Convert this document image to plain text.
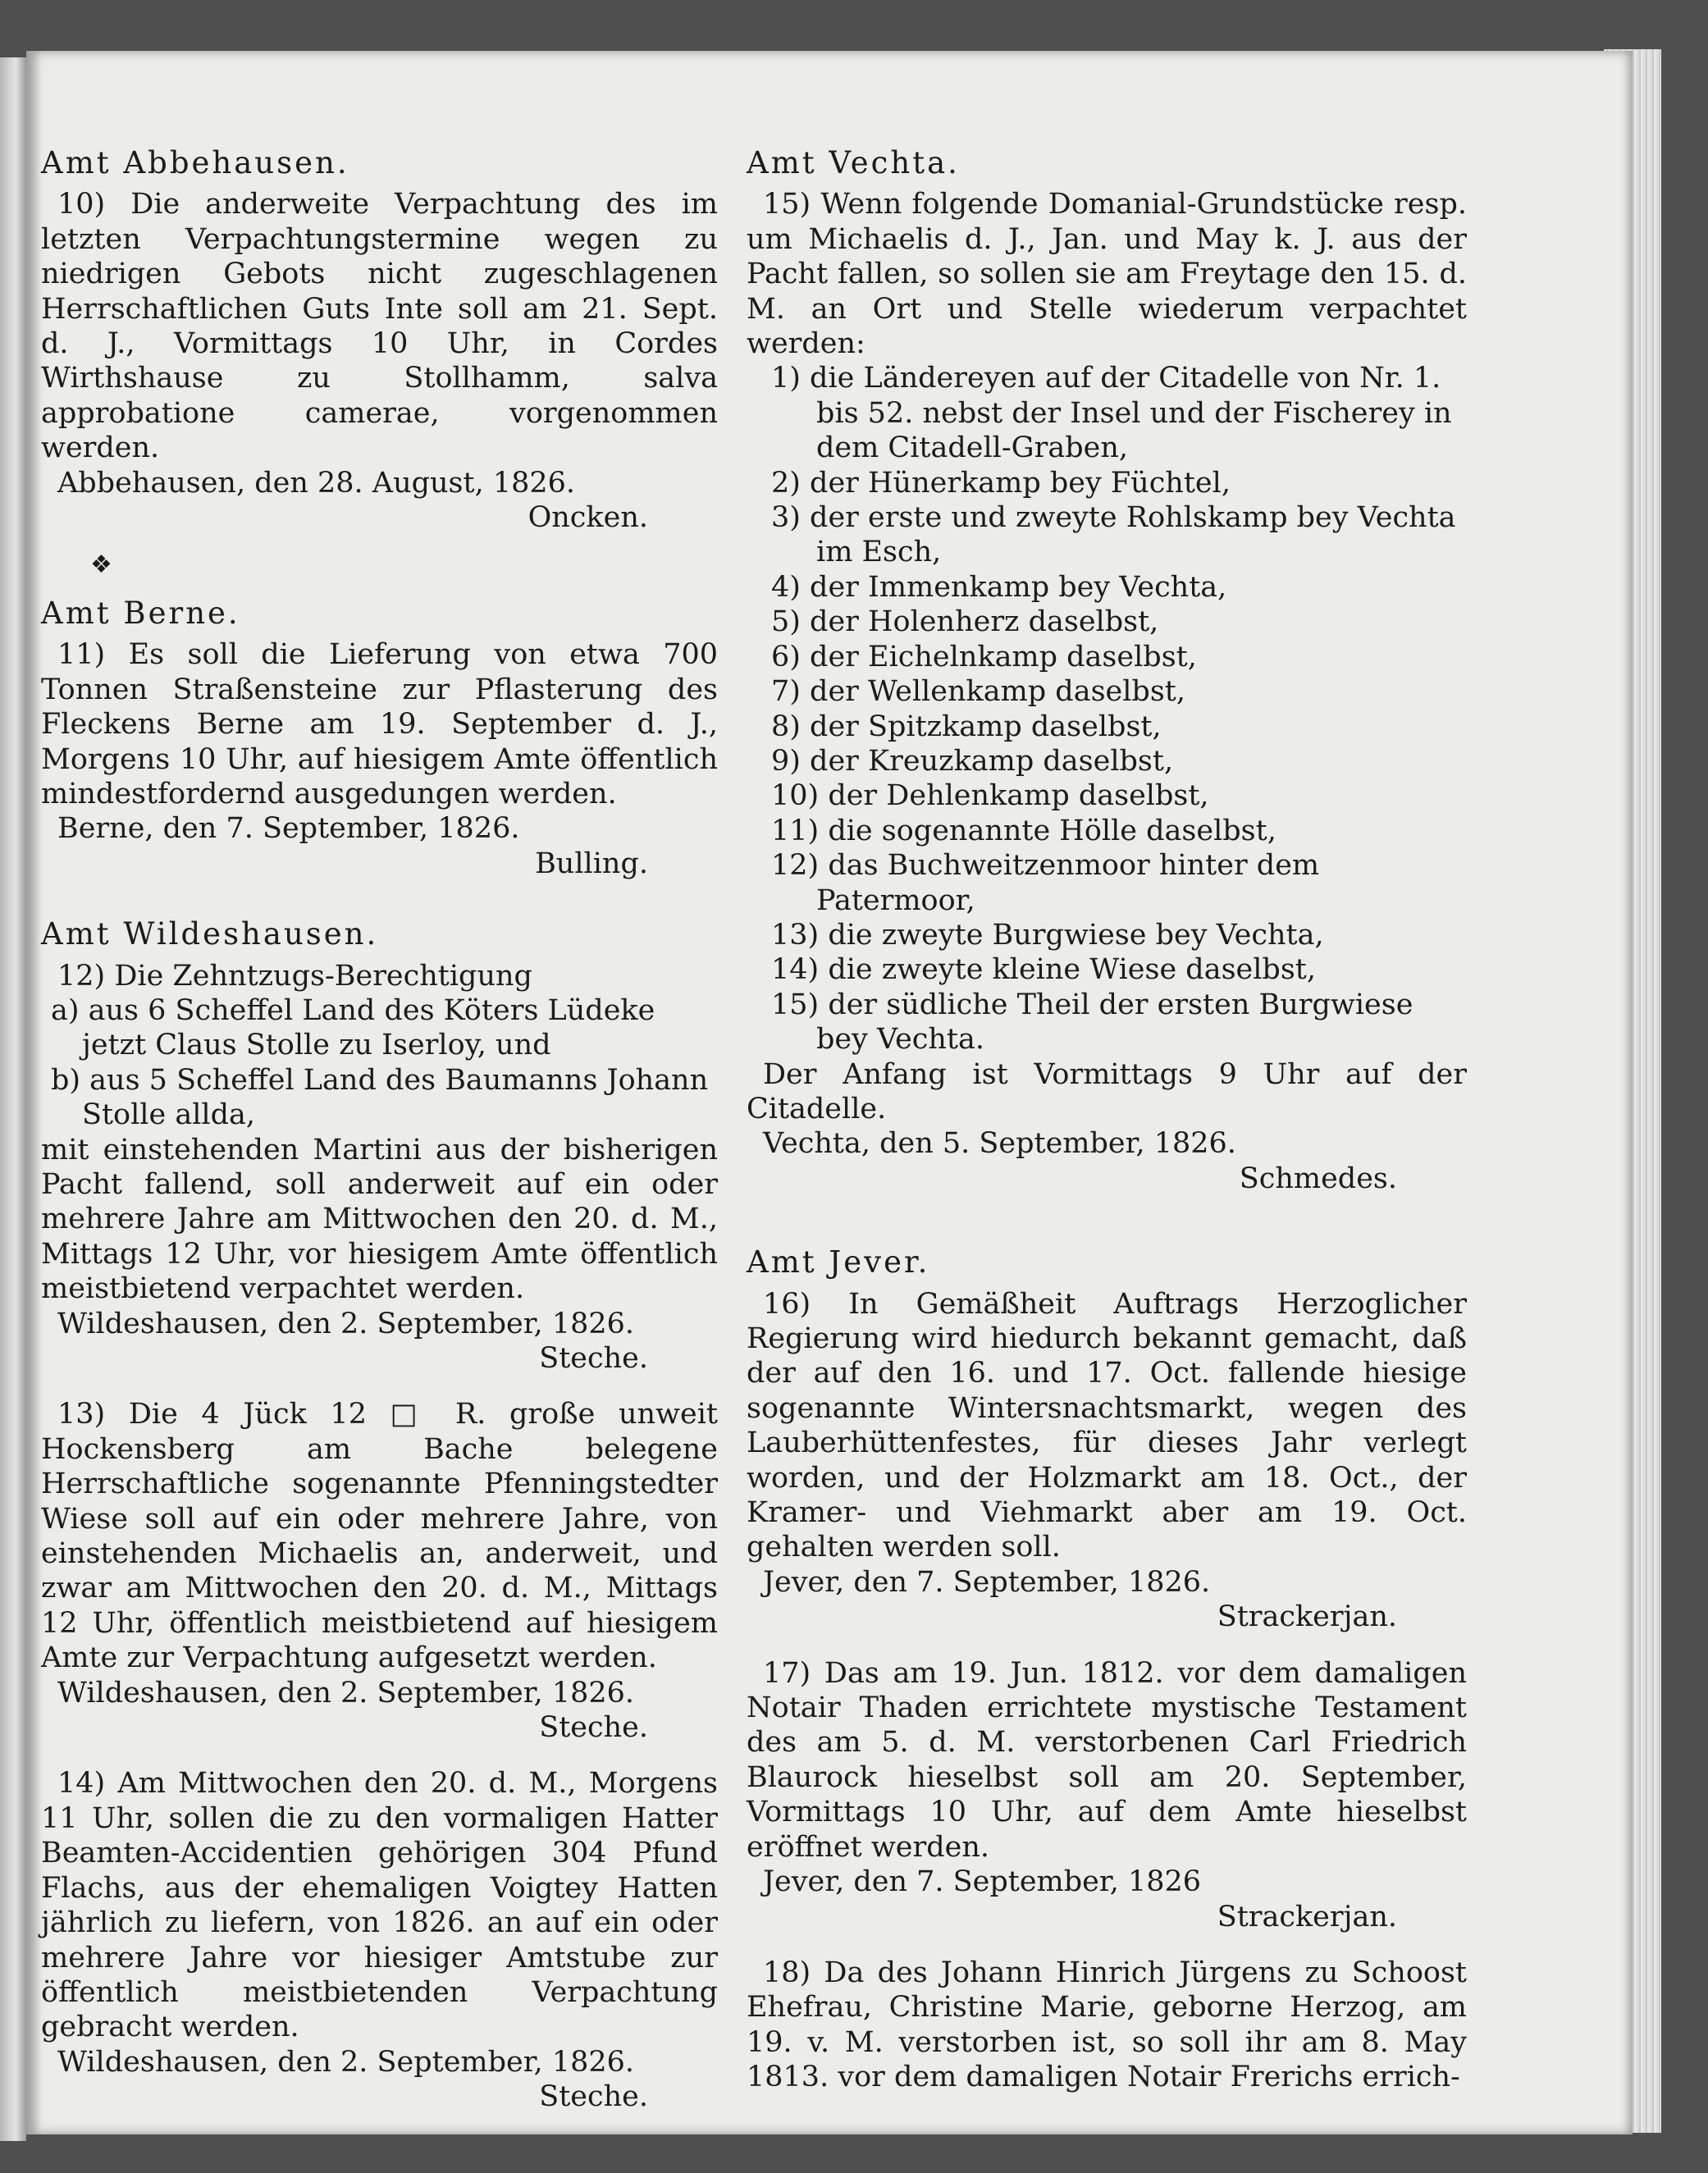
Amt Abbehausen.

10) Die anderweite Verpachtung des im letzten Verpachtungstermine wegen zu niedrigen Gebots nicht zugeschlagenen Herrschaftlichen Guts Inte soll am 21. Sept. d. J., Vormittags 10 Uhr, in Cordes Wirthshause zu Stollhamm, salva approbatione camerae, vorgenommen werden.

Abbehausen, den 28. August, 1826.

Oncken.

❖
Amt Berne.

11) Es soll die Lieferung von etwa 700 Tonnen Straßensteine zur Pflasterung des Fleckens Berne am 19. September d. J., Morgens 10 Uhr, auf hiesigem Amte öffentlich mindestfordernd ausgedungen werden.

Berne, den 7. September, 1826.

Bulling.

Amt Wildeshausen.

12) Die Zehntzugs-Berechtigung

a) aus 6 Scheffel Land des Köters Lüdeke jetzt Claus Stolle zu Iserloy, und

b) aus 5 Scheffel Land des Baumanns Johann Stolle allda,

mit einstehenden Martini aus der bisherigen Pacht fallend, soll anderweit auf ein oder mehrere Jahre am Mittwochen den 20. d. M., Mittags 12 Uhr, vor hiesigem Amte öffentlich meistbietend verpachtet werden.

Wildeshausen, den 2. September, 1826.

Steche.

13) Die 4 Jück 12 □ R. große unweit Hockensberg am Bache belegene Herrschaftliche sogenannte Pfenningstedter Wiese soll auf ein oder mehrere Jahre, von einstehenden Michaelis an, anderweit, und zwar am Mittwochen den 20. d. M., Mittags 12 Uhr, öffentlich meistbietend auf hiesigem Amte zur Verpachtung aufgesetzt werden.

Wildeshausen, den 2. September, 1826.

Steche.

14) Am Mittwochen den 20. d. M., Morgens 11 Uhr, sollen die zu den vormaligen Hatter Beamten-Accidentien gehörigen 304 Pfund Flachs, aus der ehemaligen Voigtey Hatten jährlich zu liefern, von 1826. an auf ein oder mehrere Jahre vor hiesiger Amtstube zur öffentlich meistbietenden Verpachtung gebracht werden.

Wildeshausen, den 2. September, 1826.

Steche.

Amt Vechta.

15) Wenn folgende Domanial-Grundstücke resp. um Michaelis d. J., Jan. und May k. J. aus der Pacht fallen, so sollen sie am Freytage den 15. d. M. an Ort und Stelle wiederum verpachtet werden:

1) die Ländereyen auf der Citadelle von Nr. 1. bis 52. nebst der Insel und der Fischerey in dem Citadell-Graben,

2) der Hünerkamp bey Füchtel,

3) der erste und zweyte Rohlskamp bey Vechta im Esch,

4) der Immenkamp bey Vechta,

5) der Holenherz daselbst,

6) der Eichelnkamp daselbst,

7) der Wellenkamp daselbst,

8) der Spitzkamp daselbst,

9) der Kreuzkamp daselbst,

10) der Dehlenkamp daselbst,

11) die sogenannte Hölle daselbst,

12) das Buchweitzenmoor hinter dem Patermoor,

13) die zweyte Burgwiese bey Vechta,

14) die zweyte kleine Wiese daselbst,

15) der südliche Theil der ersten Burgwiese bey Vechta.

Der Anfang ist Vormittags 9 Uhr auf der Citadelle.

Vechta, den 5. September, 1826.

Schmedes.

Amt Jever.

16) In Gemäßheit Auftrags Herzoglicher Regierung wird hiedurch bekannt gemacht, daß der auf den 16. und 17. Oct. fallende hiesige sogenannte Wintersnachtsmarkt, wegen des Lauberhüttenfestes, für dieses Jahr verlegt worden, und der Holzmarkt am 18. Oct., der Kramer- und Viehmarkt aber am 19. Oct. gehalten werden soll.

Jever, den 7. September, 1826.

Strackerjan.

17) Das am 19. Jun. 1812. vor dem damaligen Notair Thaden errichtete mystische Testament des am 5. d. M. verstorbenen Carl Friedrich Blaurock hieselbst soll am 20. September, Vormittags 10 Uhr, auf dem Amte hieselbst eröffnet werden.

Jever, den 7. September, 1826

Strackerjan.

18) Da des Johann Hinrich Jürgens zu Schoost Ehefrau, Christine Marie, geborne Herzog, am 19. v. M. verstorben ist, so soll ihr am 8. May 1813. vor dem damaligen Notair Frerichs errich-
